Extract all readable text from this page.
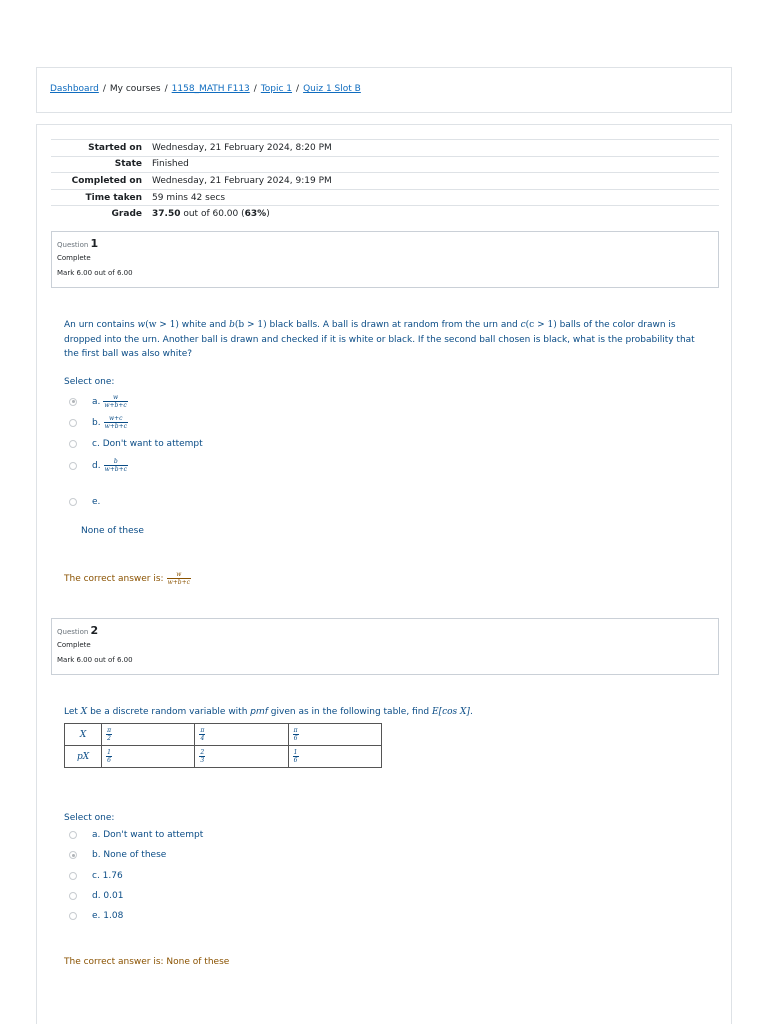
Dashboard / My courses / 1158_MATH F113 / Topic 1 / Quiz 1 Slot B
Started on	Wednesday, 21 February 2024, 8:20 PM
State	Finished
Completed on	Wednesday, 21 February 2024, 9:19 PM
Time taken	59 mins 42 secs
Grade	37.50 out of 60.00 (63%)
Question 1
Complete
Mark 6.00 out of 6.00
An urn contains w(w > 1) white and b(b > 1) black balls. A ball is drawn at random from the urn and c(c > 1) balls of the color drawn is dropped into the urn. Another ball is drawn and checked if it is white or black. If the second ball chosen is black, what is the probability that the first ball was also white?
Select one:
a. $\frac{w}{w+b+c}$
b. $\frac{w+c}{w+b+c}$
c.
Don't want to attempt
d. $\frac{b}{w+b+c}$
e.
None of these
The correct answer is: $\frac{w}{w+b+c}$
Question 2
Complete
Mark 6.00 out of 6.00
Let X be a discrete random variable with pmf given as in the following table, find E[cos X].
X	$\frac{\pi}{2}$	$\frac{\pi}{4}$	$\frac{\pi}{6}$

pX	$\frac{1}{6}$	$\frac{2}{3}$	$\frac{1}{6}$
Select one:
a. Don't want to attempt
b. None of these
c. 1.76
d. 0.01
e. 1.08
The correct answer is: None of these
